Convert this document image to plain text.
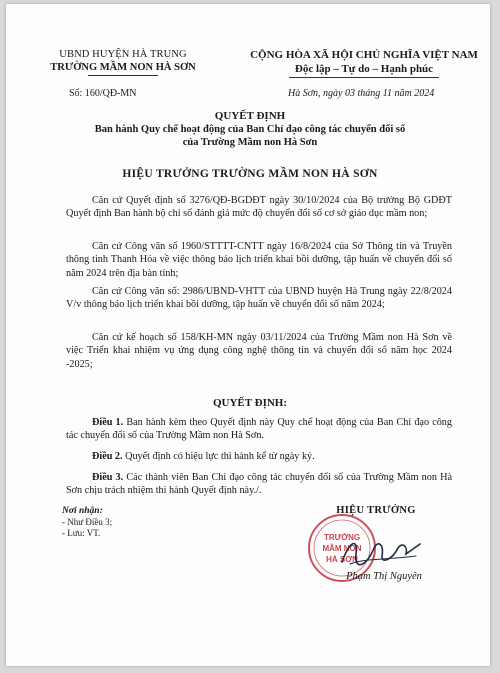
UBND HUYỆN HÀ TRUNG
TRƯỜNG MẦM NON HÀ SƠN
CỘNG HÒA XÃ HỘI CHỦ NGHĨA VIỆT NAM
Độc lập – Tự do – Hạnh phúc
Số: 160/QĐ-MN	Hà Sơn, ngày 03 tháng 11 năm 2024
QUYẾT ĐỊNH
Ban hành Quy chế hoạt động của Ban Chỉ đạo công tác chuyển đổi số
của Trường Mầm non Hà Sơn
HIỆU TRƯỞNG TRƯỜNG MẦM NON HÀ SƠN
Căn cứ Quyết định số 3276/QĐ-BGDĐT ngày 30/10/2024 của Bộ trưởng Bộ GDĐT Quyết định Ban hành bộ chỉ số đánh giá mức độ chuyển đổi số cơ sở giáo dục mầm non;
Căn cứ Công văn số 1960/STTTT-CNTT ngày 16/8/2024 của Sở Thông tin và Truyền thông tỉnh Thanh Hóa về việc thông báo lịch triển khai bồi dưỡng, tập huấn về chuyển đổi số năm 2024 trên địa bàn tỉnh;
Căn cứ Công văn số: 2986/UBND-VHTT của UBND huyện Hà Trung ngày 22/8/2024 V/v thông báo lịch triển khai bồi dưỡng, tập huấn về chuyển đổi số năm 2024;
Căn cứ kế hoạch số 158/KH-MN ngày 03/11/2024 của Trường Mầm non Hà Sơn về việc Triển khai nhiệm vụ ứng dụng công nghệ thông tin và chuyển đổi số năm học 2024 -2025;
QUYẾT ĐỊNH:
Điều 1. Ban hành kèm theo Quyết định này Quy chế hoạt động của Ban Chỉ đạo công tác chuyển đổi số của Trường Mầm non Hà Sơn.
Điều 2. Quyết định có hiệu lực thi hành kể từ ngày ký.
Điều 3. Các thành viên Ban Chỉ đạo công tác chuyển đổi số của Trường Mầm non Hà Sơn chịu trách nhiệm thi hành Quyết định này./.
Nơi nhận:
- Như Điều 3;
- Lưu: VT.
HIỆU TRƯỞNG
TRƯỜNG
MẦM NON
HÀ SƠN
Phạm Thị Nguyên
